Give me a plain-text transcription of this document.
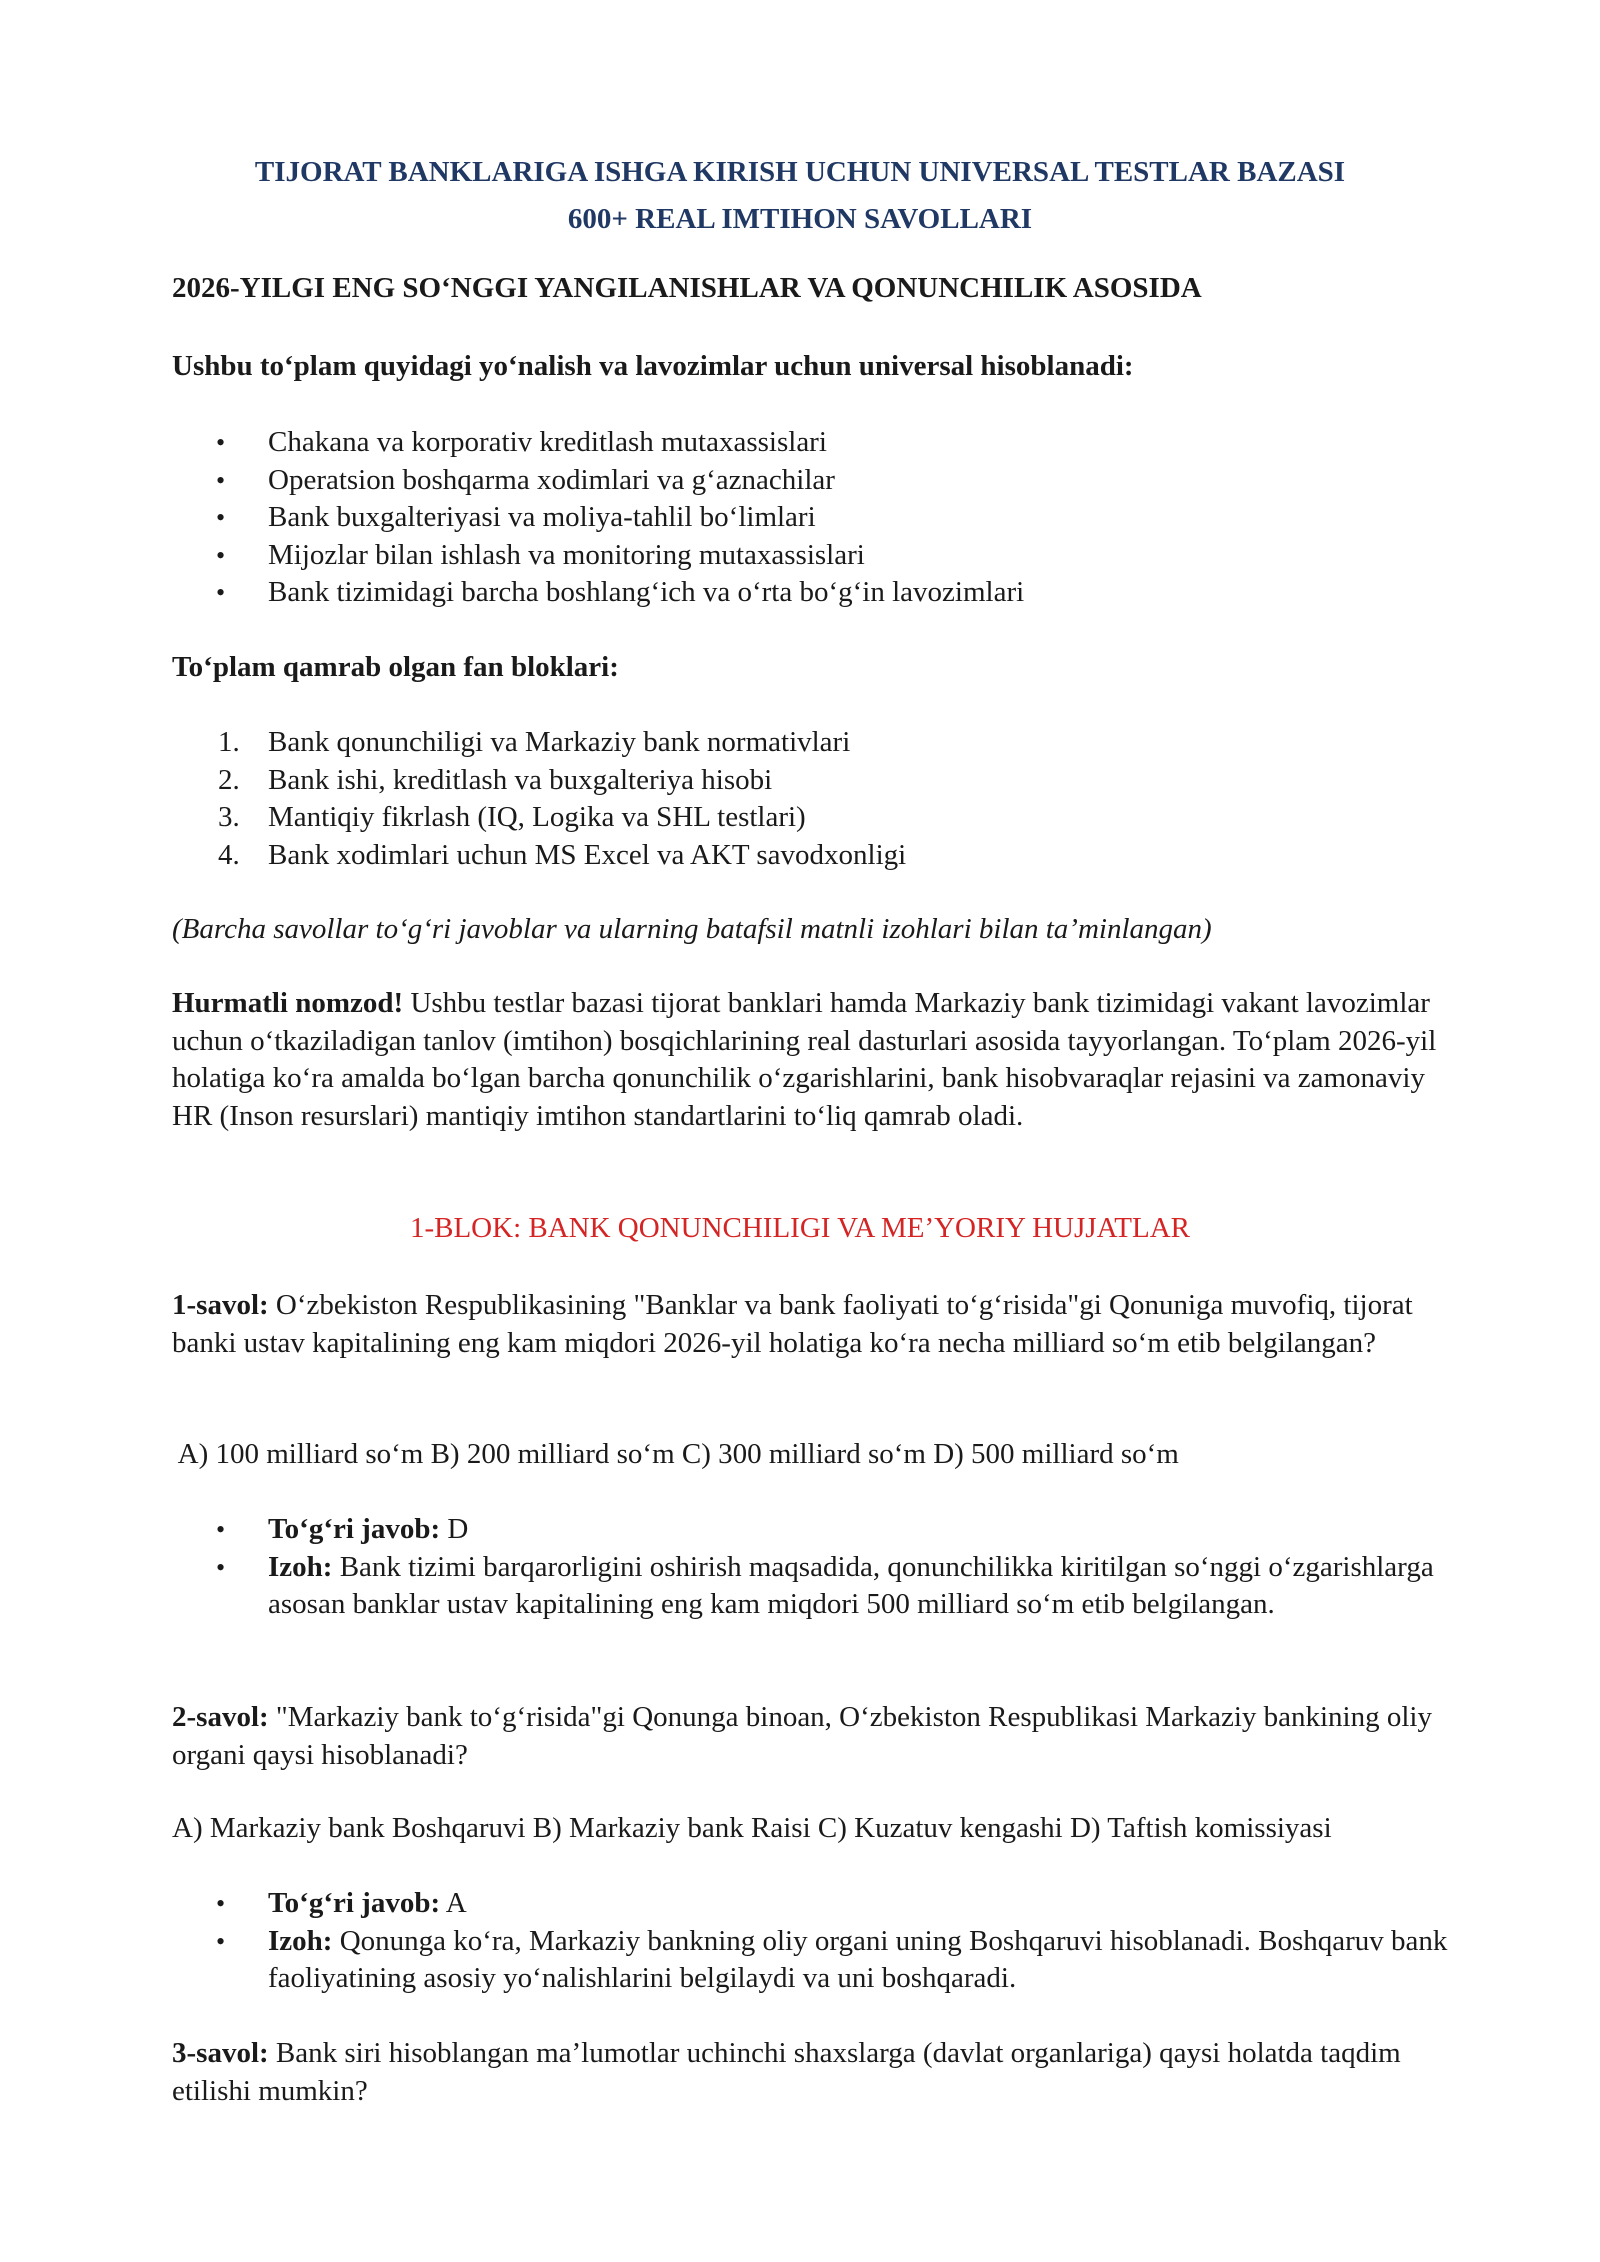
TIJORAT BANKLARIGA ISHGA KIRISH UCHUN UNIVERSAL TESTLAR BAZASI
600+ REAL IMTIHON SAVOLLARI
2026-YILGI ENG SO‘NGGI YANGILANISHLAR VA QONUNCHILIK ASOSIDA
Ushbu to‘plam quyidagi yo‘nalish va lavozimlar uchun universal hisoblanadi:
• Chakana va korporativ kreditlash mutaxassislari
• Operatsion boshqarma xodimlari va g‘aznachilar
• Bank buxgalteriyasi va moliya-tahlil bo‘limlari
• Mijozlar bilan ishlash va monitoring mutaxassislari
• Bank tizimidagi barcha boshlang‘ich va o‘rta bo‘g‘in lavozimlari
To‘plam qamrab olgan fan bloklari:
1. Bank qonunchiligi va Markaziy bank normativlari
2. Bank ishi, kreditlash va buxgalteriya hisobi
3. Mantiqiy fikrlash (IQ, Logika va SHL testlari)
4. Bank xodimlari uchun MS Excel va AKT savodxonligi
(Barcha savollar to‘g‘ri javoblar va ularning batafsil matnli izohlari bilan ta’minlangan)
Hurmatli nomzod! Ushbu testlar bazasi tijorat banklari hamda Markaziy bank tizimidagi vakant lavozimlar uchun o‘tkaziladigan tanlov (imtihon) bosqichlarining real dasturlari asosida tayyorlangan. To‘plam 2026-yil holatiga ko‘ra amalda bo‘lgan barcha qonunchilik o‘zgarishlarini, bank hisobvaraqlar rejasini va zamonaviy HR (Inson resurslari) mantiqiy imtihon standartlarini to‘liq qamrab oladi.
1-BLOK: BANK QONUNCHILIGI VA ME’YORIY HUJJATLAR
1-savol: O‘zbekiston Respublikasining "Banklar va bank faoliyati to‘g‘risida"gi Qonuniga muvofiq, tijorat banki ustav kapitalining eng kam miqdori 2026-yil holatiga ko‘ra necha milliard so‘m etib belgilangan?
A) 100 milliard so‘m B) 200 milliard so‘m C) 300 milliard so‘m D) 500 milliard so‘m
• To‘g‘ri javob: D
• Izoh: Bank tizimi barqarorligini oshirish maqsadida, qonunchilikka kiritilgan so‘nggi o‘zgarishlarga asosan banklar ustav kapitalining eng kam miqdori 500 milliard so‘m etib belgilangan.
2-savol: "Markaziy bank to‘g‘risida"gi Qonunga binoan, O‘zbekiston Respublikasi Markaziy bankining oliy organi qaysi hisoblanadi?
A) Markaziy bank Boshqaruvi B) Markaziy bank Raisi C) Kuzatuv kengashi D) Taftish komissiyasi
• To‘g‘ri javob: A
• Izoh: Qonunga ko‘ra, Markaziy bankning oliy organi uning Boshqaruvi hisoblanadi. Boshqaruv bank faoliyatining asosiy yo‘nalishlarini belgilaydi va uni boshqaradi.
3-savol: Bank siri hisoblangan ma’lumotlar uchinchi shaxslarga (davlat organlariga) qaysi holatda taqdim etilishi mumkin?
